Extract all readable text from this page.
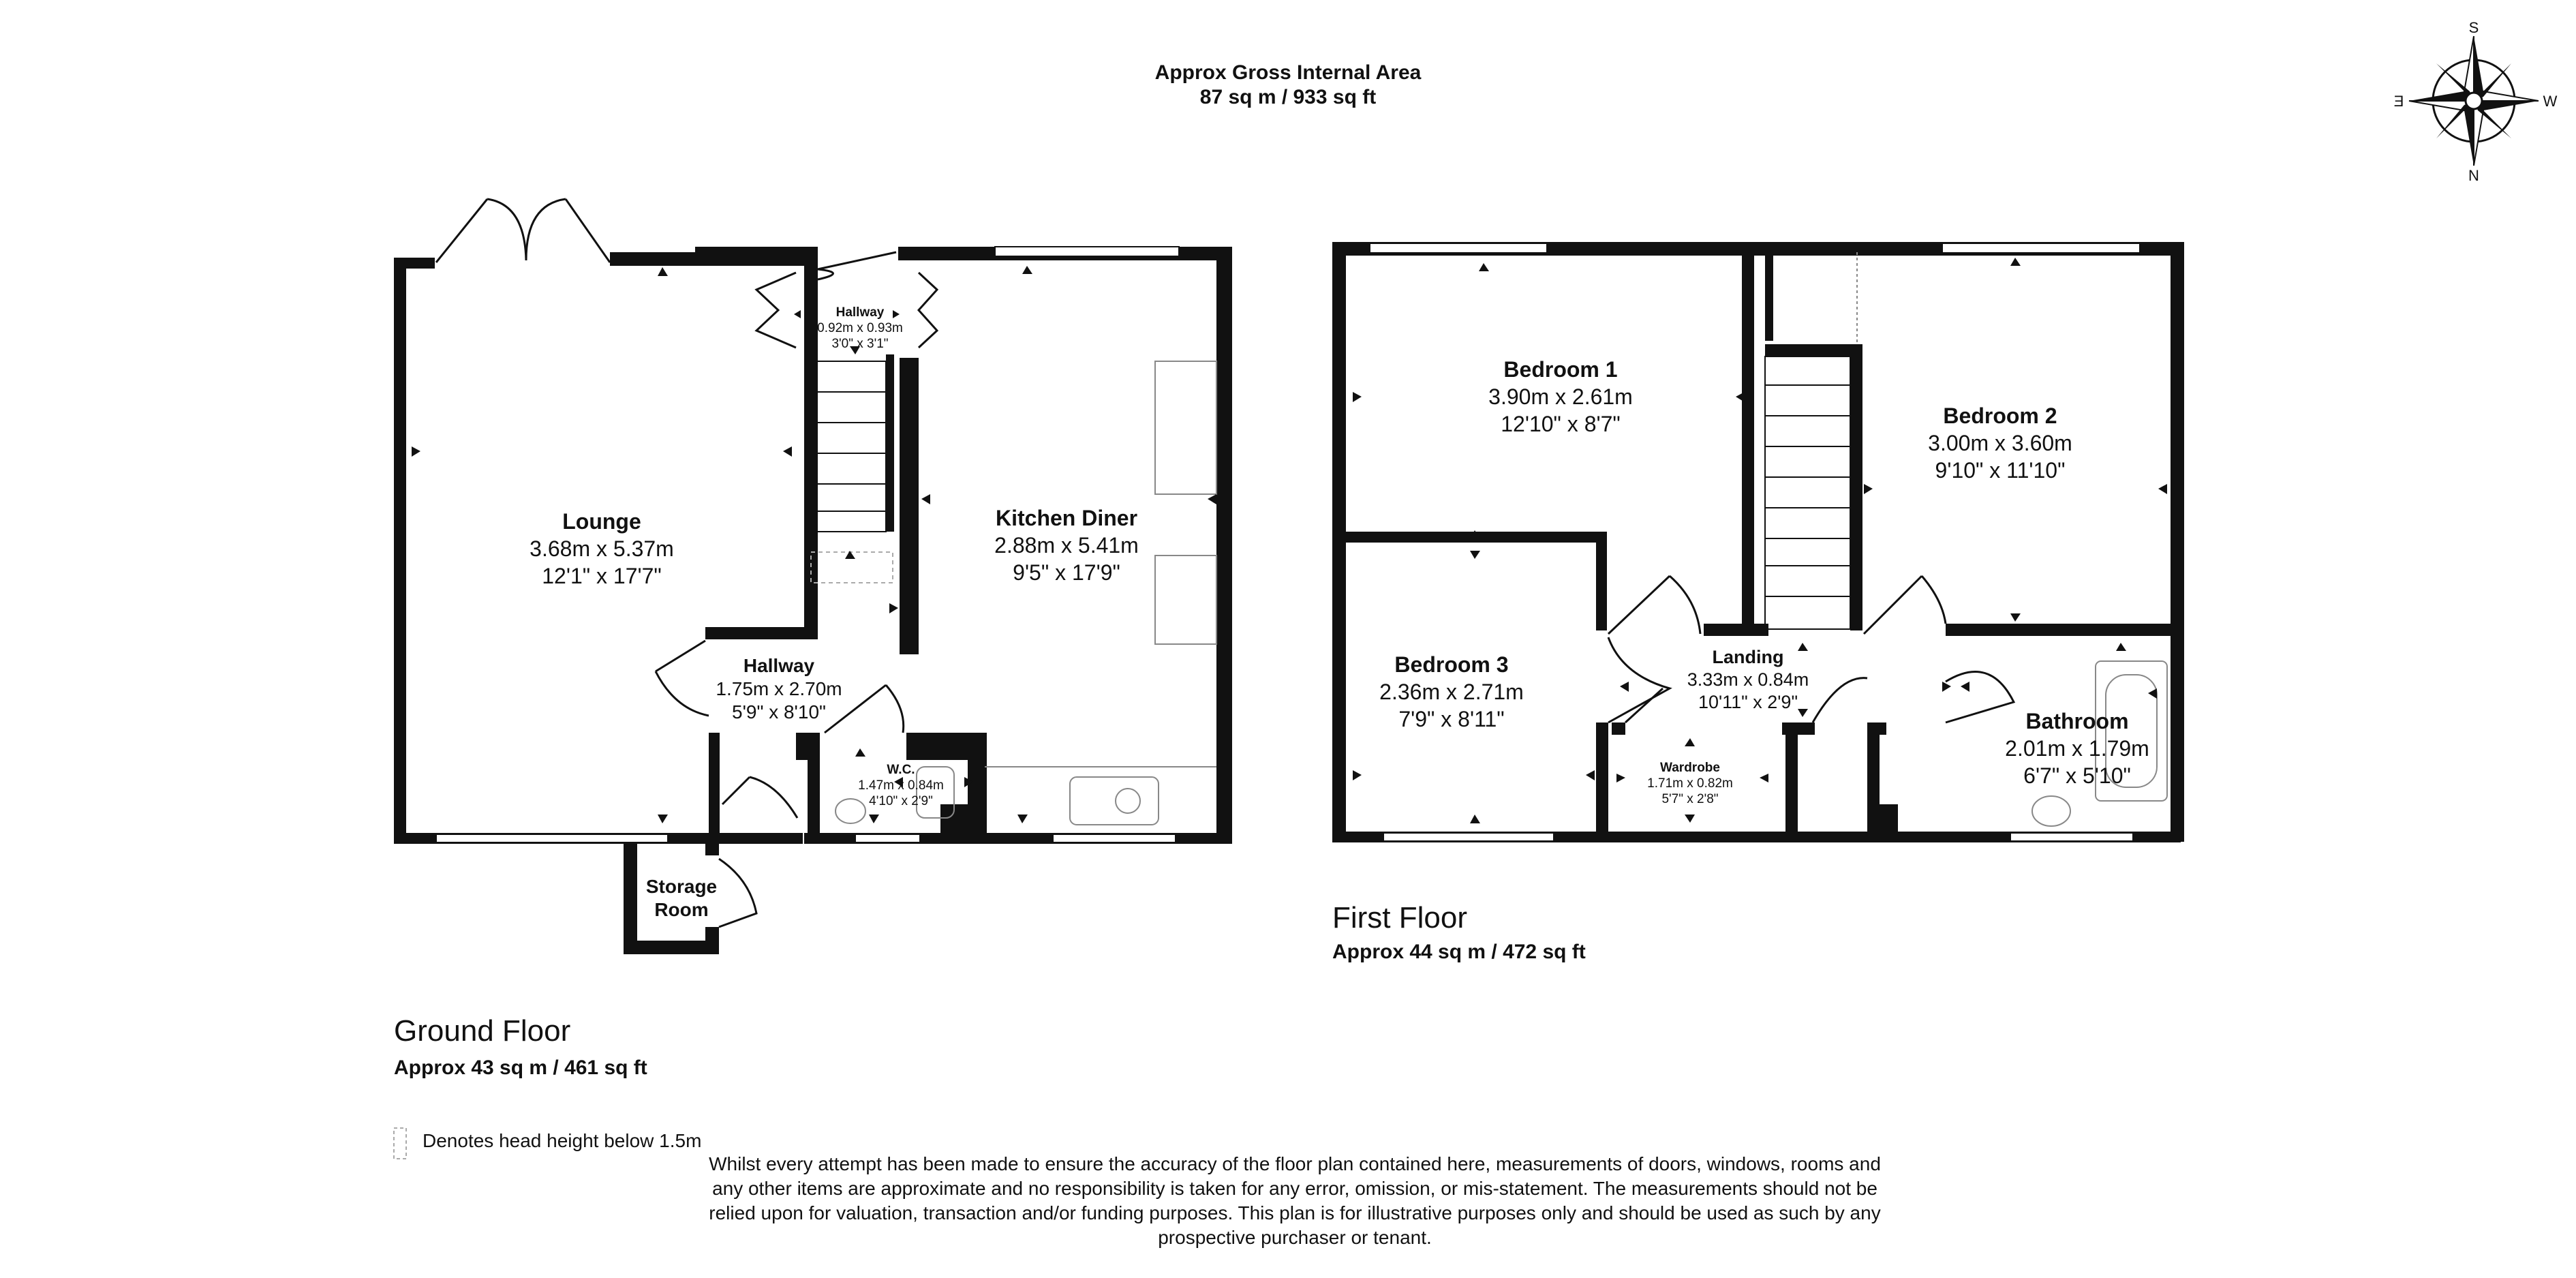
Approx Gross Internal Area
87 sq m / 933 sq ft
S
N
E	W
Lounge
3.68m x 5.37m
12'1" x 17'7"
Kitchen Diner
2.88m x 5.41m
9'5" x 17'9"
Hallway
0.92m x 0.93m
3'0" x 3'1"
Hallway
1.75m x 2.70m
5'9" x 8'10"
W.C.
1.47m x 0.84m
4'10" x 2'9"
Storage
Room
Bedroom 1
3.90m x 2.61m
12'10" x 8'7"	Bedroom 2
3.00m x 3.60m
9'10" x 11'10"
Bedroom 3
2.36m x 2.71m
7'9" x 8'11"
Landing
3.33m x 0.84m
10'11" x 2'9"
Bathroom
2.01m x 1.79m
6'7" x 5'10"
Wardrobe
1.71m x 0.82m
5'7" x 2'8"
First Floor
Approx 44 sq m / 472 sq ft
Ground Floor
Approx 43 sq m / 461 sq ft
Denotes head height below 1.5m
Whilst every attempt has been made to ensure the accuracy of the floor plan contained here, measurements of doors, windows, rooms and
any other items are approximate and no responsibility is taken for any error, omission, or mis-statement. The measurements should not be
relied upon for valuation, transaction and/or funding purposes. This plan is for illustrative purposes only and should be used as such by any
prospective purchaser or tenant.
